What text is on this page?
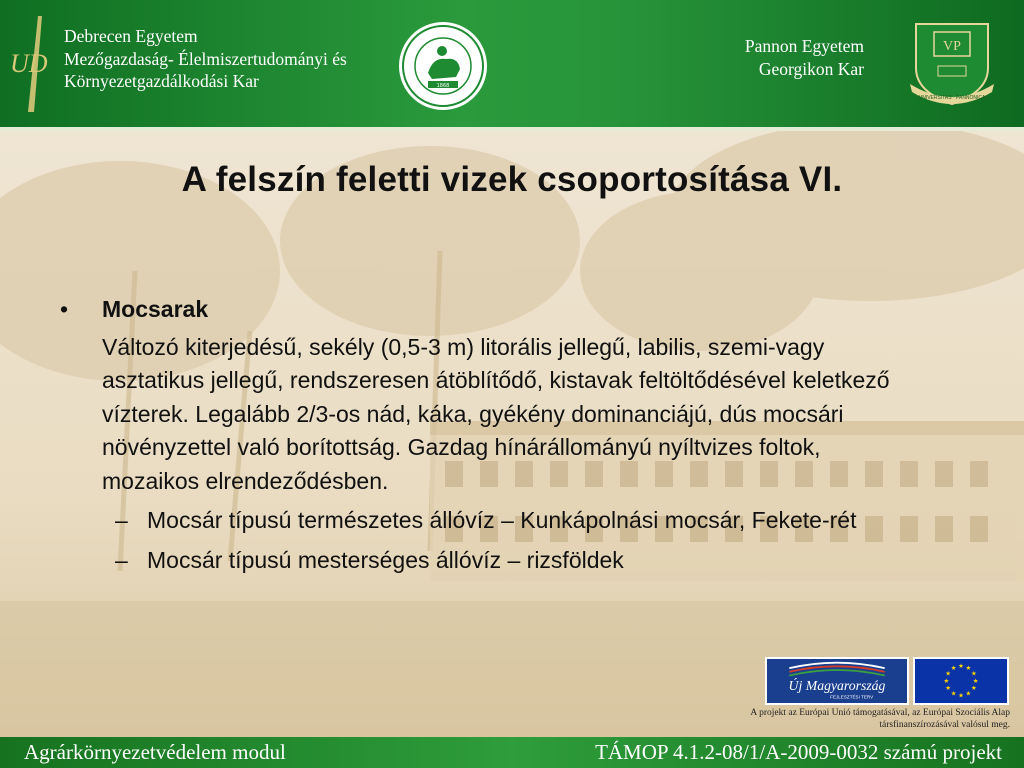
UD
Debrecen Egyetem
Mezőgazdaság- Élelmiszertudományi és
Környezetgazdálkodási Kar	1868
Pannon Egyetem
Georgikon Kar
VP
UNIVERSITAS · PANNONICA
A felszín feletti vizek csoportosítása VI.
• Mocsarak
Változó kiterjedésű, sekély (0,5-3 m) litorális jellegű, labilis, szemi-vagy asztatikus jellegű, rendszeresen átöblítődő, kistavak feltöltődésével keletkező vízterek. Legalább 2/3-os nád, káka, gyékény dominanciájú, dús mocsári növényzettel való borítottság. Gazdag hínárállományú nyíltvizes foltok, mozaikos elrendeződésben.
– Mocsár típusú természetes állóvíz – Kunkápolnási mocsár, Fekete-rét
– Mocsár típusú mesterséges állóvíz – rizsföldek
Új Magyarország
FEJLESZTÉSI TERV
★ ★
★
★
★
★
★
★
★
★
★
★
A projekt az Európai Unió támogatásával, az Európai Szociális Alap társfinanszírozásával valósul meg.
Agrárkörnyezetvédelem modul	TÁMOP 4.1.2-08/1/A-2009-0032 számú projekt
